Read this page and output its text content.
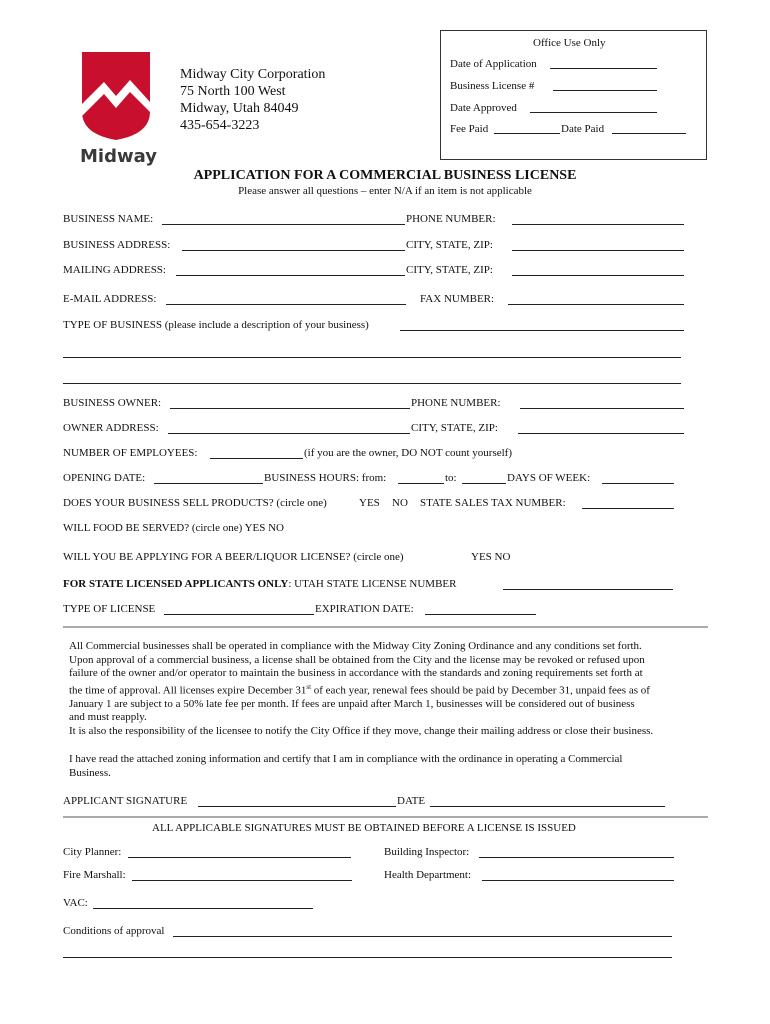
Midway
Midway City Corporation
75 North 100 West
Midway, Utah 84049
435-654-3223
Office Use Only
Date of Application
Business License #
Date Approved
Fee Paid	Date Paid
APPLICATION FOR A COMMERCIAL BUSINESS LICENSE
Please answer all questions – enter N/A if an item is not applicable
BUSINESS NAME:	PHONE NUMBER:
BUSINESS ADDRESS:	CITY, STATE, ZIP:
MAILING ADDRESS:	CITY, STATE, ZIP:
E-MAIL ADDRESS:	FAX NUMBER:
TYPE OF BUSINESS (please include a description of your business)
BUSINESS OWNER:	PHONE NUMBER:
OWNER ADDRESS:	CITY, STATE, ZIP:
NUMBER OF EMPLOYEES:	(if you are the owner, DO NOT count yourself)
OPENING DATE:	BUSINESS HOURS: from:	to:	DAYS OF WEEK:
DOES YOUR BUSINESS SELL PRODUCTS? (circle one)	YES NO STATE SALES TAX NUMBER:
WILL FOOD BE SERVED? (circle one) YES NO
WILL YOU BE APPLYING FOR A BEER/LIQUOR LICENSE? (circle one)	YES NO
FOR STATE LICENSED APPLICANTS ONLY: UTAH STATE LICENSE NUMBER
TYPE OF LICENSE	EXPIRATION DATE:
All Commercial businesses shall be operated in compliance with the Midway City Zoning Ordinance and any conditions set forth.
Upon approval of a commercial business, a license shall be obtained from the City and the license may be revoked or refused upon
failure of the owner and/or operator to maintain the business in accordance with the standards and zoning requirements set forth at
the time of approval. All licenses expire December 31st of each year, renewal fees should be paid by December 31, unpaid fees as of
January 1 are subject to a 50% late fee per month. If fees are unpaid after March 1, businesses will be considered out of business
and must reapply.
It is also the responsibility of the licensee to notify the City Office if they move, change their mailing address or close their business.
I have read the attached zoning information and certify that I am in compliance with the ordinance in operating a Commercial
Business.
APPLICANT SIGNATURE	DATE
ALL APPLICABLE SIGNATURES MUST BE OBTAINED BEFORE A LICENSE IS ISSUED
City Planner:	Building Inspector:
Fire Marshall:	Health Department:
VAC:
Conditions of approval
